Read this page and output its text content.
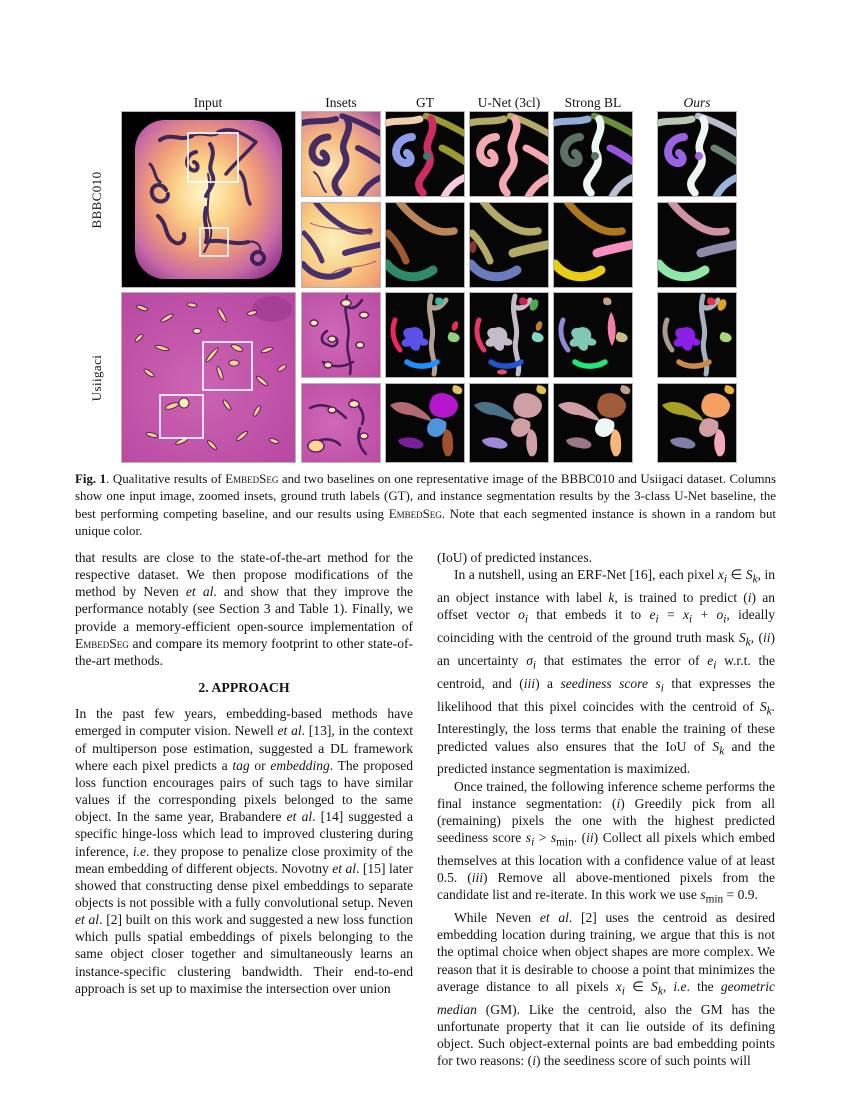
Input	Insets	GT	U-Net (3cl)	Strong BL	Ours
BBBC010
Usiigaci
Fig. 1. Qualitative results of EmbedSeg and two baselines on one representative image of the BBBC010 and Usiigaci dataset. Columns show one input image, zoomed insets, ground truth labels (GT), and instance segmentation results by the 3-class U-Net baseline, the best performing competing baseline, and our results using EmbedSeg. Note that each segmented instance is shown in a random but unique color.

that results are close to the state-of-the-art method for the respective dataset. We then propose modifications of the method by Neven et al. and show that they improve the performance notably (see Section 3 and Table 1). Finally, we provide a memory-efficient open-source implementation of EmbedSeg and compare its memory footprint to other state-of-the-art methods.

2. APPROACH

In the past few years, embedding-based methods have emerged in computer vision. Newell et al. [13], in the context of multiperson pose estimation, suggested a DL framework where each pixel predicts a tag or embedding. The proposed loss function encourages pairs of such tags to have similar values if the corresponding pixels belonged to the same object. In the same year, Brabandere et al. [14] suggested a specific hinge-loss which lead to improved clustering during inference, i.e. they propose to penalize close proximity of the mean embedding of different objects. Novotny et al. [15] later showed that constructing dense pixel embeddings to separate objects is not possible with a fully convolutional setup. Neven et al. [2] built on this work and suggested a new loss function which pulls spatial embeddings of pixels belonging to the same object closer together and simultaneously learns an instance-specific clustering bandwidth. Their end-to-end approach is set up to maximise the intersection over union

(IoU) of predicted instances.

In a nutshell, using an ERF-Net [16], each pixel $x_i$ ∈ $S_k$, in an object instance with label k, is trained to predict (i) an offset vector $o_i$ that embeds it to $e_i = x_i + o_i$, ideally coinciding with the centroid of the ground truth mask $S_k$, (ii) an uncertainty $\sigma_i$ that estimates the error of $e_i$ w.r.t. the centroid, and (iii) a seediness score $s_i$ that expresses the likelihood that this pixel coincides with the centroid of $S_k$. Interestingly, the loss terms that enable the training of these predicted values also ensures that the IoU of $S_k$ and the predicted instance segmentation is maximized.

Once trained, the following inference scheme performs the final instance segmentation: (i) Greedily pick from all (remaining) pixels the one with the highest predicted seediness score $s_i > s_{min}$. (ii) Collect all pixels which embed themselves at this location with a confidence value of at least 0.5. (iii) Remove all above-mentioned pixels from the candidate list and re-iterate. In this work we use $s_{min} = 0.9$.

While Neven et al. [2] uses the centroid as desired embedding location during training, we argue that this is not the optimal choice when object shapes are more complex. We reason that it is desirable to choose a point that minimizes the average distance to all pixels $x_i$ ∈ $S_k$, i.e. the geometric median (GM). Like the centroid, also the GM has the unfortunate property that it can lie outside of its defining object. Such object-external points are bad embedding points for two reasons: (i) the seediness score of such points will
